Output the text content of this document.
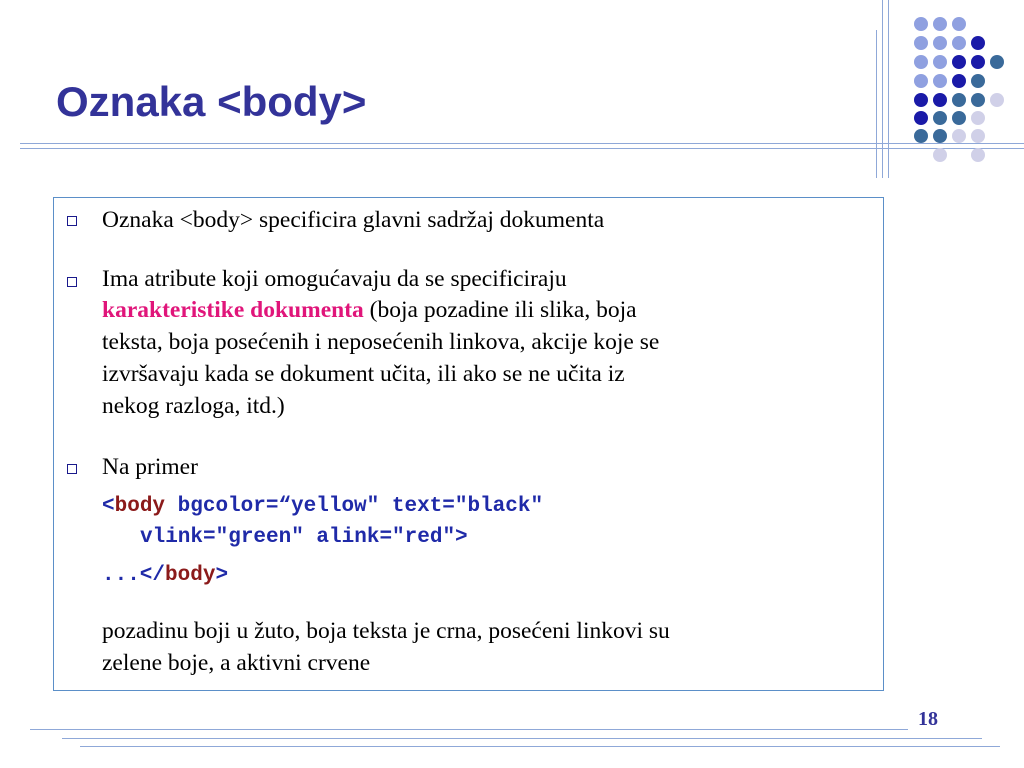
Oznaka <body>
Oznaka <body> specificira glavni sadržaj dokumenta
Ima atribute koji omogućavaju da se specificiraju
karakteristike dokumenta (boja pozadine ili slika, boja
teksta, boja posećenih i neposećenih linkova, akcije koje se
izvršavaju kada se dokument učita, ili ako se ne učita iz
nekog razloga, itd.)
Na primer
<body bgcolor=“yellow" text="black"
vlink="green" alink="red">
...</body>
pozadinu boji u žuto, boja teksta je crna, posećeni linkovi su
zelene boje, a aktivni crvene
18
